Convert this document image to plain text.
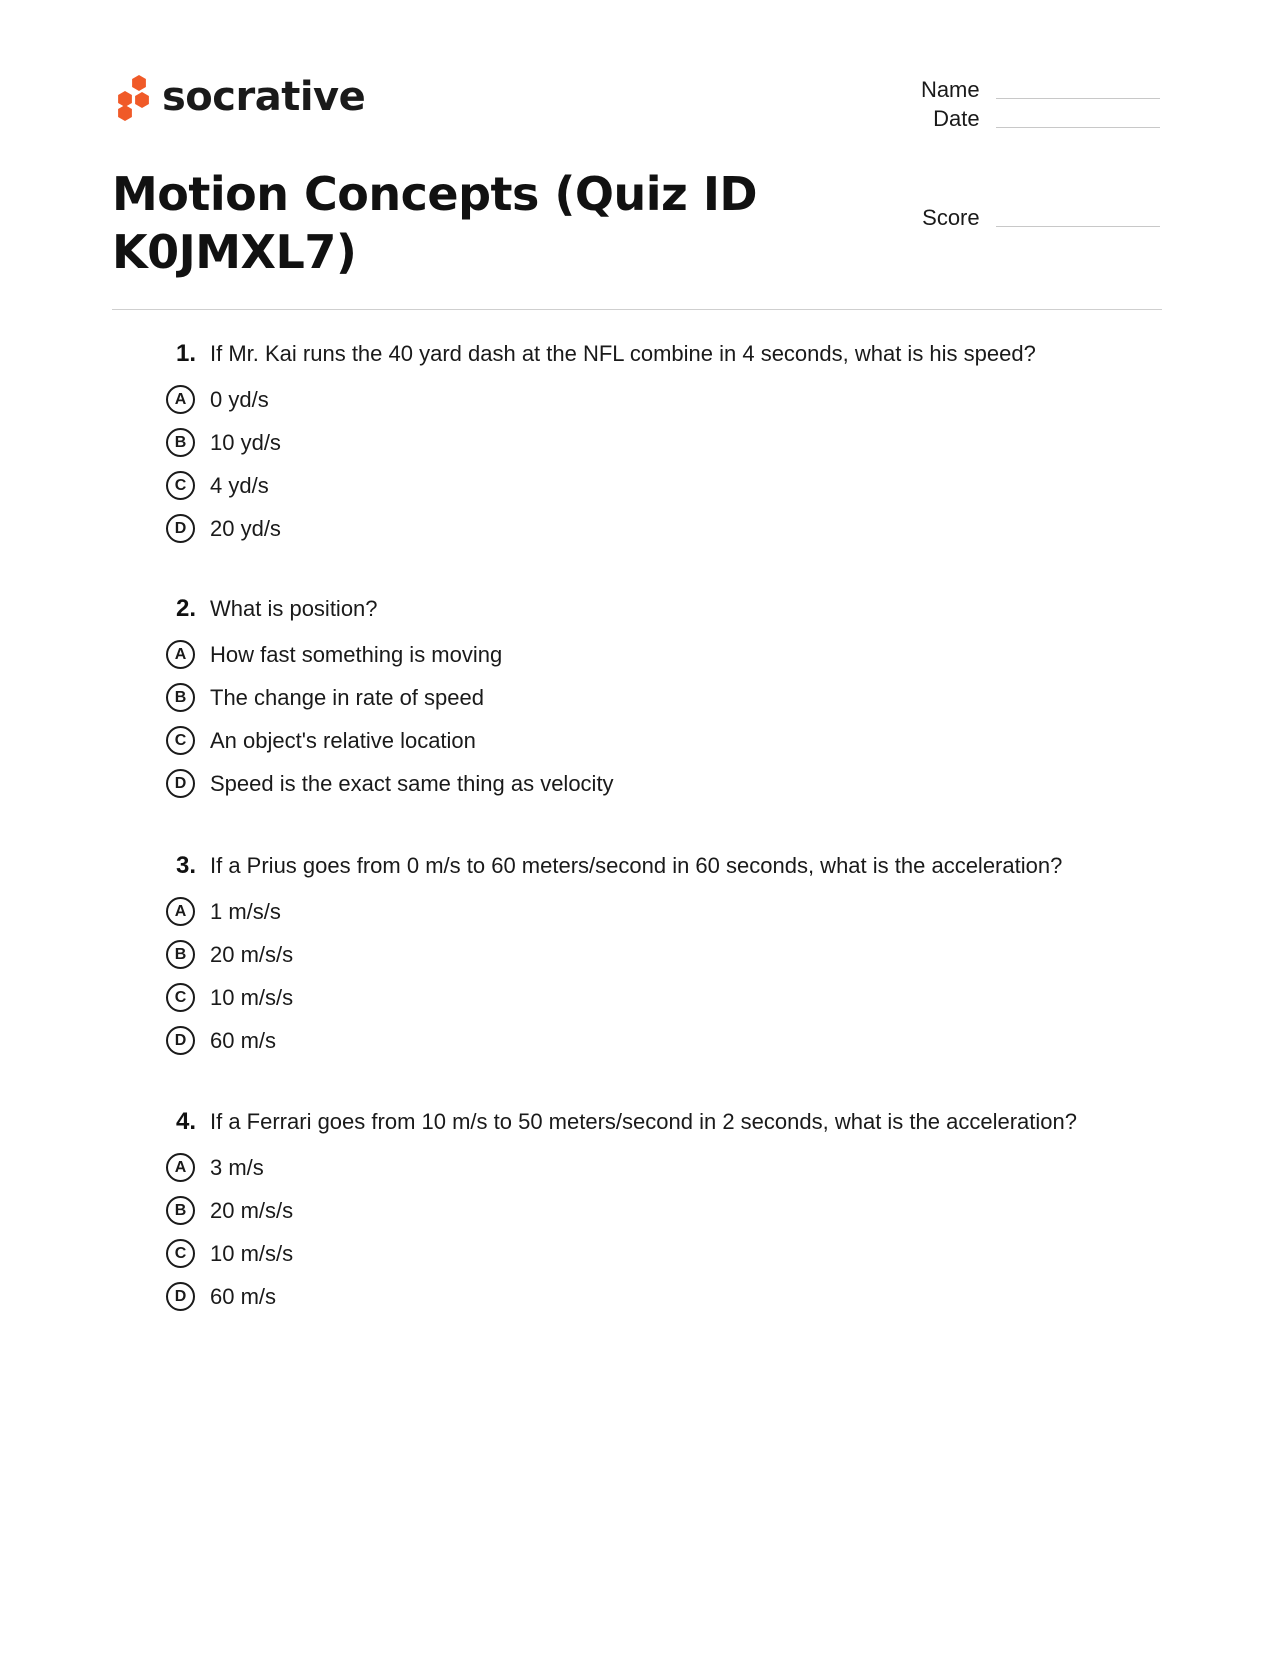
socrative	Name
Date
Score
Motion Concepts (Quiz ID K0JMXL7)
1. If Mr. Kai runs the 40 yard dash at the NFL combine in 4 seconds, what is his speed?
A	0 yd/s
B	10 yd/s
C	4 yd/s
D	20 yd/s
2. What is position?
A	How fast something is moving
B	The change in rate of speed
C	An object's relative location
D	Speed is the exact same thing as velocity
3. If a Prius goes from 0 m/s to 60 meters/second in 60 seconds, what is the acceleration?
A	1 m/s/s
B	20 m/s/s
C	10 m/s/s
D	60 m/s
4. If a Ferrari goes from 10 m/s to 50 meters/second in 2 seconds, what is the acceleration?
A	3 m/s
B	20 m/s/s
C	10 m/s/s
D	60 m/s
